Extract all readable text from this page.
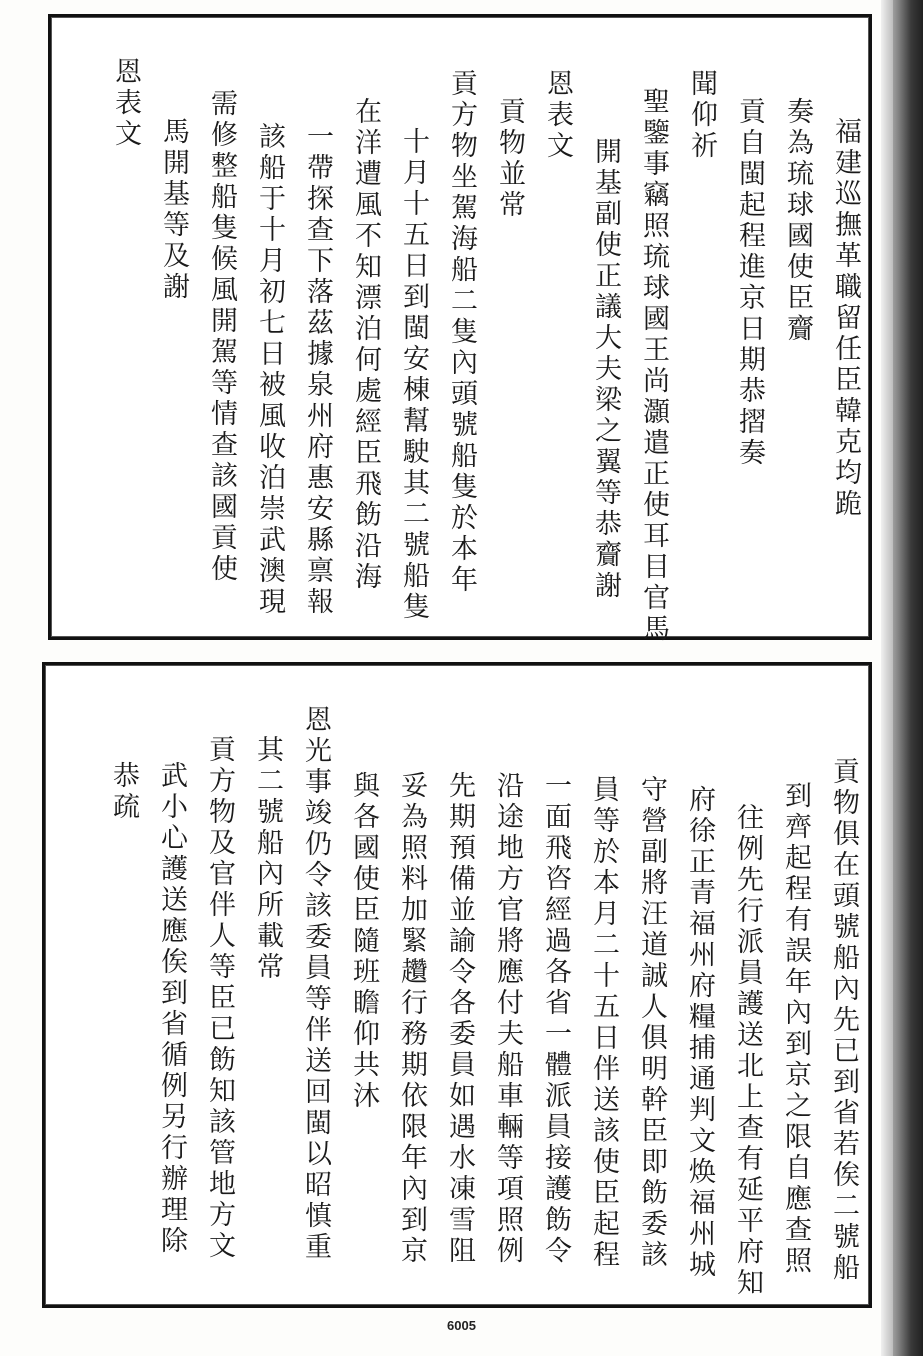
福建巡撫革職留任臣韓克均跪
奏為琉球國使臣齎
貢自閩起程進京日期恭摺奏
聞仰祈
聖鑒事竊照琉球國王尚灝遣正使耳目官馬
開基副使正議大夫梁之翼等恭齎謝
恩表文
貢物並常
貢方物坐駕海船二隻內頭號船隻於本年
十月十五日到閩安棟幫駛其二號船隻
在洋遭風不知漂泊何處經臣飛飭沿海
一帶探查下落茲據泉州府惠安縣禀報
該船于十月初七日被風收泊崇武澳現
需修整船隻候風開駕等情查該國貢使
馬開基等及謝
恩表文
貢物俱在頭號船內先已到省若俟二號船
到齊起程有誤年內到京之限自應查照
往例先行派員護送北上查有延平府知
府徐正青福州府糧捕通判文焕福州城
守營副將汪道誠人俱明幹臣即飭委該
員等於本月二十五日伴送該使臣起程
一面飛咨經過各省一體派員接護飭令
沿途地方官將應付夫船車輛等項照例
先期預備並諭令各委員如遇水凍雪阻
妥為照料加緊趲行務期依限年內到京
與各國使臣隨班瞻仰共沐
恩光事竣仍令該委員等伴送回閩以昭慎重
其二號船內所載常
貢方物及官伴人等臣已飭知該管地方文
武小心護送應俟到省循例另行辦理除
恭疏
6005
